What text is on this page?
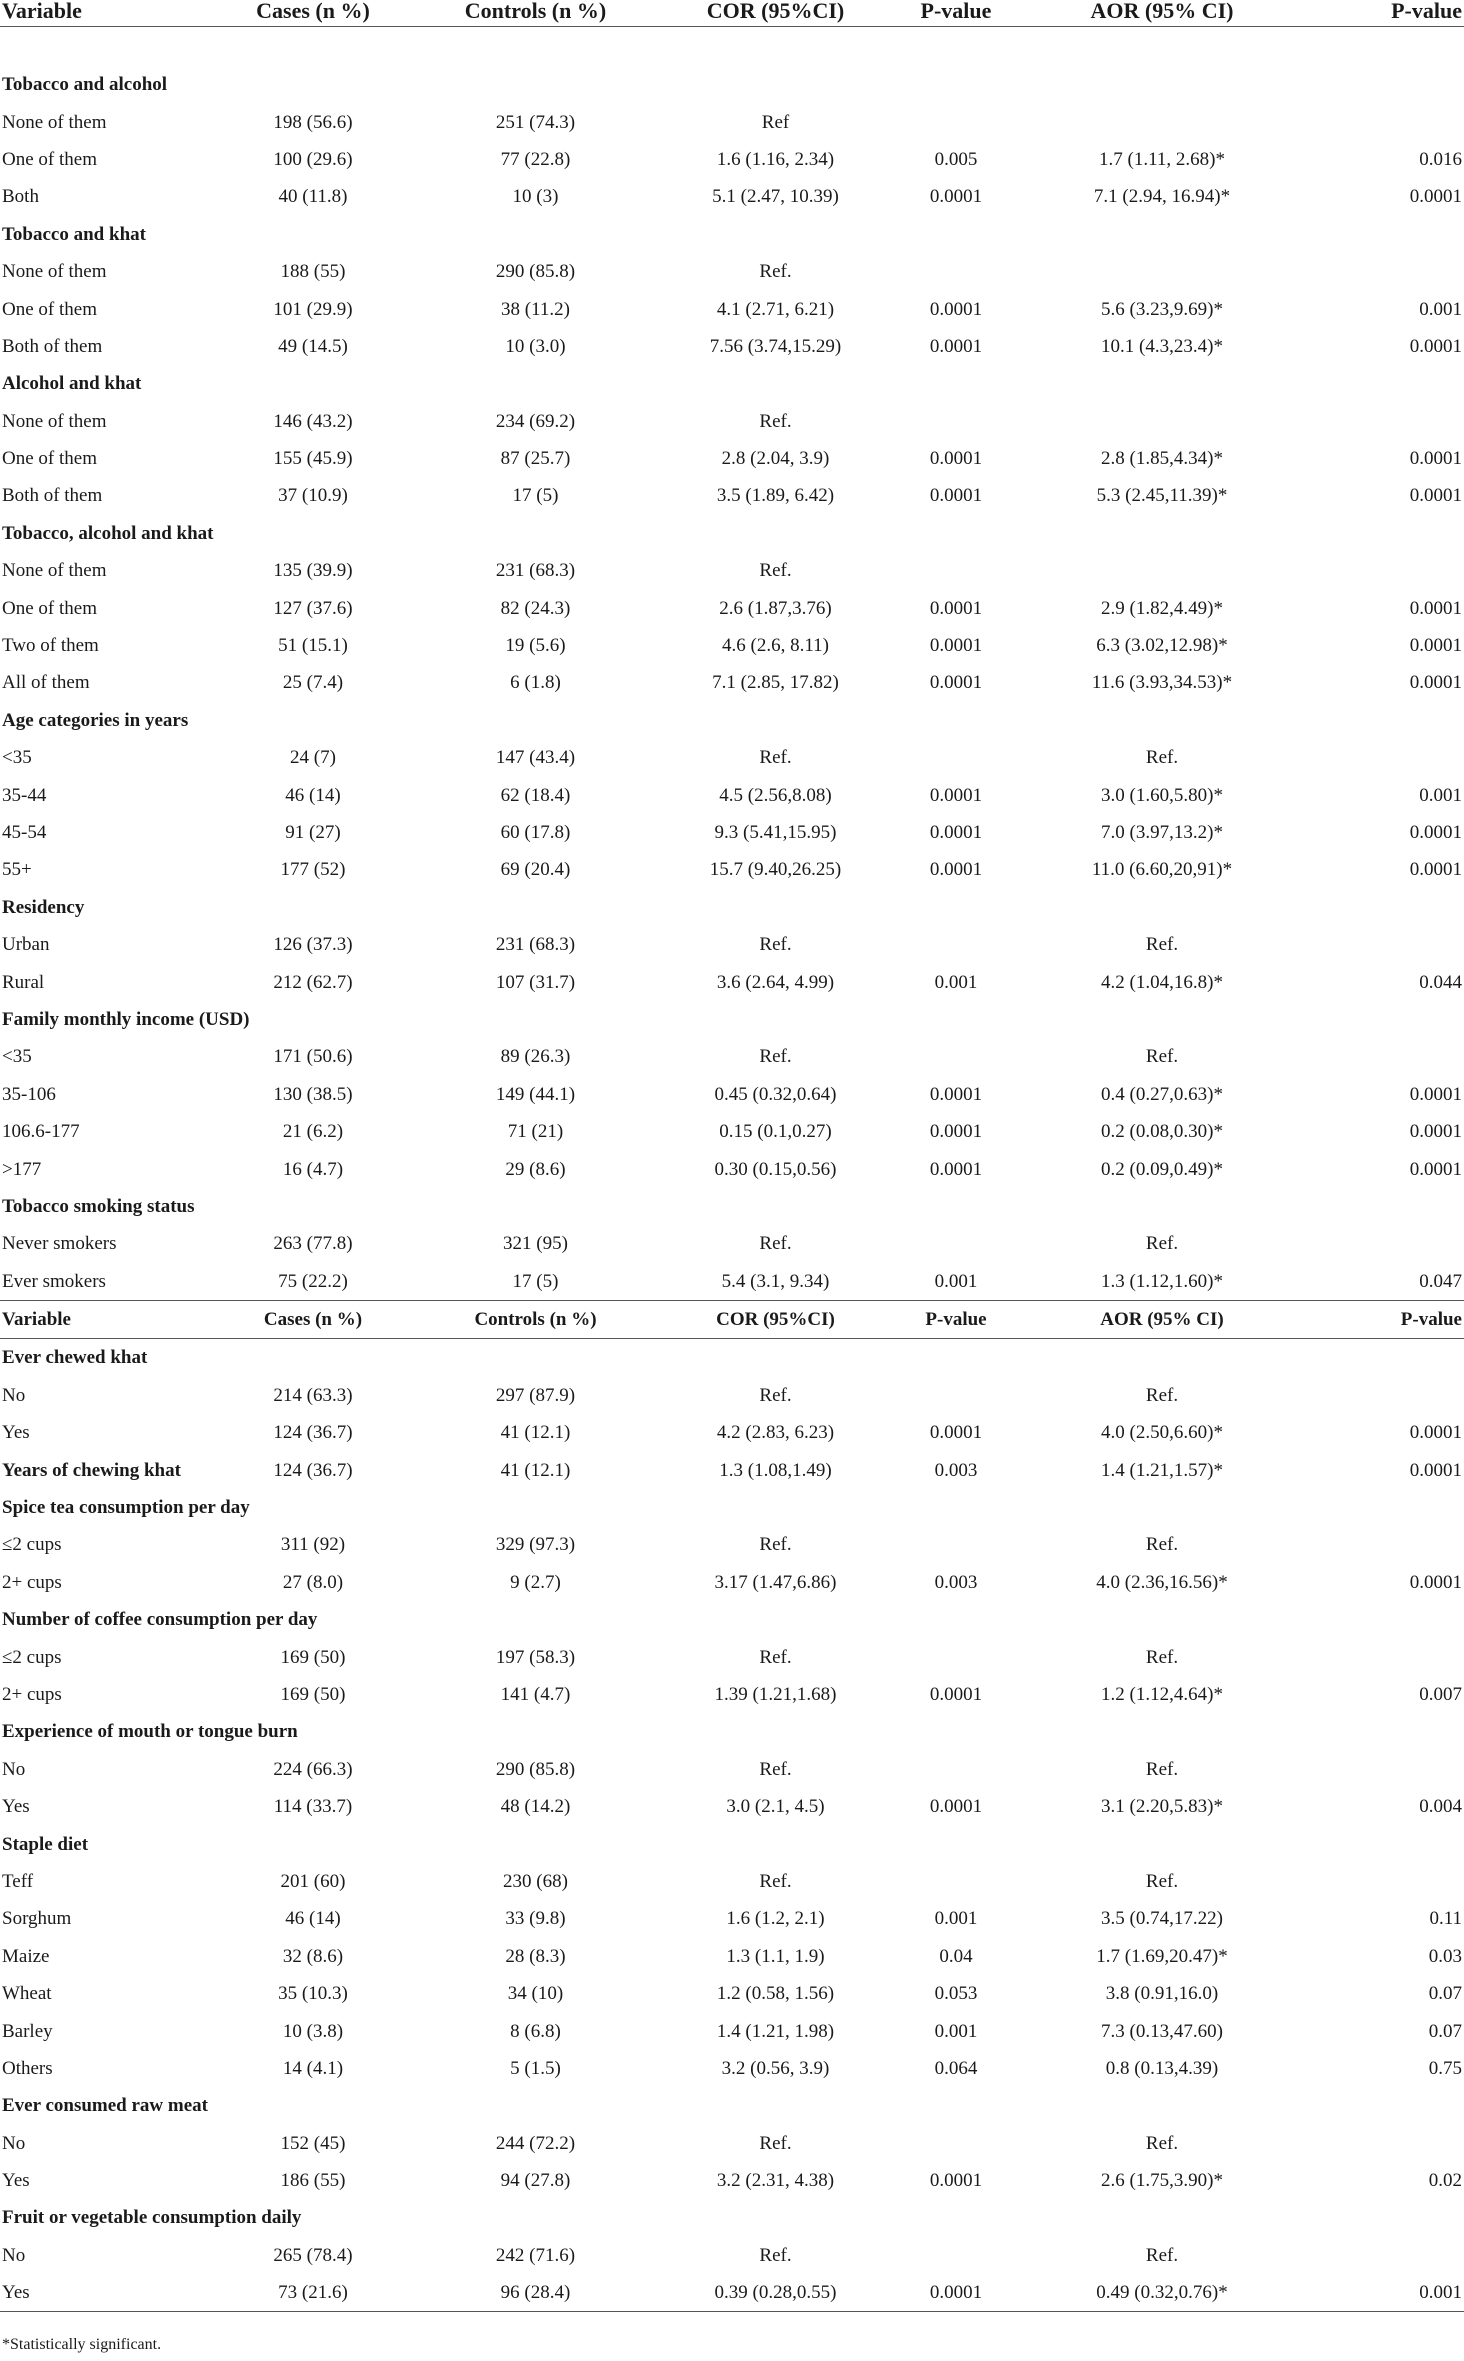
Variable	Cases (n %)	Controls (n %)	COR (95%CI)	P-value	AOR (95% CI)	P-value

Tobacco and alcohol						
None of them	198 (56.6)	251 (74.3)	Ref			
One of them	100 (29.6)	77 (22.8)	1.6 (1.16, 2.34)	0.005	1.7 (1.11, 2.68)*	0.016
Both	40 (11.8)	10 (3)	5.1 (2.47, 10.39)	0.0001	7.1 (2.94, 16.94)*	0.0001
Tobacco and khat						
None of them	188 (55)	290 (85.8)	Ref.			
One of them	101 (29.9)	38 (11.2)	4.1 (2.71, 6.21)	0.0001	5.6 (3.23,9.69)*	0.001
Both of them	49 (14.5)	10 (3.0)	7.56 (3.74,15.29)	0.0001	10.1 (4.3,23.4)*	0.0001
Alcohol and khat						
None of them	146 (43.2)	234 (69.2)	Ref.			
One of them	155 (45.9)	87 (25.7)	2.8 (2.04, 3.9)	0.0001	2.8 (1.85,4.34)*	0.0001
Both of them	37 (10.9)	17 (5)	3.5 (1.89, 6.42)	0.0001	5.3 (2.45,11.39)*	0.0001
Tobacco, alcohol and khat						
None of them	135 (39.9)	231 (68.3)	Ref.			
One of them	127 (37.6)	82 (24.3)	2.6 (1.87,3.76)	0.0001	2.9 (1.82,4.49)*	0.0001
Two of them	51 (15.1)	19 (5.6)	4.6 (2.6, 8.11)	0.0001	6.3 (3.02,12.98)*	0.0001
All of them	25 (7.4)	6 (1.8)	7.1 (2.85, 17.82)	0.0001	11.6 (3.93,34.53)*	0.0001
Age categories in years						
<35	24 (7)	147 (43.4)	Ref.		Ref.	
35-44	46 (14)	62 (18.4)	4.5 (2.56,8.08)	0.0001	3.0 (1.60,5.80)*	0.001
45-54	91 (27)	60 (17.8)	9.3 (5.41,15.95)	0.0001	7.0 (3.97,13.2)*	0.0001
55+	177 (52)	69 (20.4)	15.7 (9.40,26.25)	0.0001	11.0 (6.60,20,91)*	0.0001
Residency						
Urban	126 (37.3)	231 (68.3)	Ref.		Ref.	
Rural	212 (62.7)	107 (31.7)	3.6 (2.64, 4.99)	0.001	4.2 (1.04,16.8)*	0.044
Family monthly income (USD)						
<35	171 (50.6)	89 (26.3)	Ref.		Ref.	
35-106	130 (38.5)	149 (44.1)	0.45 (0.32,0.64)	0.0001	0.4 (0.27,0.63)*	0.0001
106.6-177	21 (6.2)	71 (21)	0.15 (0.1,0.27)	0.0001	0.2 (0.08,0.30)*	0.0001
>177	16 (4.7)	29 (8.6)	0.30 (0.15,0.56)	0.0001	0.2 (0.09,0.49)*	0.0001
Tobacco smoking status						
Never smokers	263 (77.8)	321 (95)	Ref.		Ref.	
Ever smokers	75 (22.2)	17 (5)	5.4 (3.1, 9.34)	0.001	1.3 (1.12,1.60)*	0.047
Variable	Cases (n %)	Controls (n %)	COR (95%CI)	P-value	AOR (95% CI)	P-value
Ever chewed khat						
No	214 (63.3)	297 (87.9)	Ref.		Ref.	
Yes	124 (36.7)	41 (12.1)	4.2 (2.83, 6.23)	0.0001	4.0 (2.50,6.60)*	0.0001
Years of chewing khat	124 (36.7)	41 (12.1)	1.3 (1.08,1.49)	0.003	1.4 (1.21,1.57)*	0.0001
Spice tea consumption per day						
≤2 cups	311 (92)	329 (97.3)	Ref.		Ref.	
2+ cups	27 (8.0)	9 (2.7)	3.17 (1.47,6.86)	0.003	4.0 (2.36,16.56)*	0.0001
Number of coffee consumption per day						
≤2 cups	169 (50)	197 (58.3)	Ref.		Ref.	
2+ cups	169 (50)	141 (4.7)	1.39 (1.21,1.68)	0.0001	1.2 (1.12,4.64)*	0.007
Experience of mouth or tongue burn						
No	224 (66.3)	290 (85.8)	Ref.		Ref.	
Yes	114 (33.7)	48 (14.2)	3.0 (2.1, 4.5)	0.0001	3.1 (2.20,5.83)*	0.004
Staple diet						
Teff	201 (60)	230 (68)	Ref.		Ref.	
Sorghum	46 (14)	33 (9.8)	1.6 (1.2, 2.1)	0.001	3.5 (0.74,17.22)	0.11
Maize	32 (8.6)	28 (8.3)	1.3 (1.1, 1.9)	0.04	1.7 (1.69,20.47)*	0.03
Wheat	35 (10.3)	34 (10)	1.2 (0.58, 1.56)	0.053	3.8 (0.91,16.0)	0.07
Barley	10 (3.8)	8 (6.8)	1.4 (1.21, 1.98)	0.001	7.3 (0.13,47.60)	0.07
Others	14 (4.1)	5 (1.5)	3.2 (0.56, 3.9)	0.064	0.8 (0.13,4.39)	0.75
Ever consumed raw meat						
No	152 (45)	244 (72.2)	Ref.		Ref.	
Yes	186 (55)	94 (27.8)	3.2 (2.31, 4.38)	0.0001	2.6 (1.75,3.90)*	0.02
Fruit or vegetable consumption daily						
No	265 (78.4)	242 (71.6)	Ref.		Ref.	
Yes	73 (21.6)	96 (28.4)	0.39 (0.28,0.55)	0.0001	0.49 (0.32,0.76)*	0.001
*Statistically significant.
